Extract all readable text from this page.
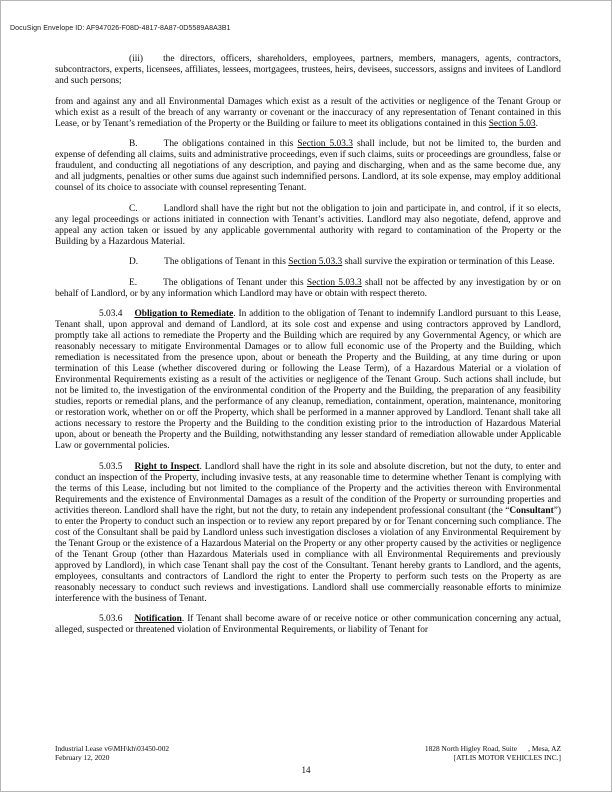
DocuSign Envelope ID: AF947026-F08D-4817-8A87-0D5589A8A3B1

(iii) the directors, officers, shareholders, employees, partners, members, managers, agents, contractors, subcontractors, experts, licensees, affiliates, lessees, mortgagees, trustees, heirs, devisees, successors, assigns and invitees of Landlord and such persons;

from and against any and all Environmental Damages which exist as a result of the activities or negligence of the Tenant Group or which exist as a result of the breach of any warranty or covenant or the inaccuracy of any representation of Tenant contained in this Lease, or by Tenant’s remediation of the Property or the Building or failure to meet its obligations contained in this Section 5.03.

B.	The obligations contained in this Section 5.03.3 shall include, but not be limited to, the burden and expense of defending all claims, suits and administrative proceedings, even if such claims, suits or proceedings are groundless, false or fraudulent, and conducting all negotiations of any description, and paying and discharging, when and as the same become due, any and all judgments, penalties or other sums due against such indemnified persons. Landlord, at its sole expense, may employ additional counsel of its choice to associate with counsel representing Tenant.

C.	Landlord shall have the right but not the obligation to join and participate in, and control, if it so elects, any legal proceedings or actions initiated in connection with Tenant’s activities. Landlord may also negotiate, defend, approve and appeal any action taken or issued by any applicable governmental authority with regard to contamination of the Property or the Building by a Hazardous Material.

D.	The obligations of Tenant in this Section 5.03.3 shall survive the expiration or termination of this Lease.

E.	The obligations of Tenant under this Section 5.03.3 shall not be affected by any investigation by or on behalf of Landlord, or by any information which Landlord may have or obtain with respect thereto.

5.03.4 Obligation to Remediate. In addition to the obligation of Tenant to indemnify Landlord pursuant to this Lease, Tenant shall, upon approval and demand of Landlord, at its sole cost and expense and using contractors approved by Landlord, promptly take all actions to remediate the Property and the Building which are required by any Governmental Agency, or which are reasonably necessary to mitigate Environmental Damages or to allow full economic use of the Property and the Building, which remediation is necessitated from the presence upon, about or beneath the Property and the Building, at any time during or upon termination of this Lease (whether discovered during or following the Lease Term), of a Hazardous Material or a violation of Environmental Requirements existing as a result of the activities or negligence of the Tenant Group. Such actions shall include, but not be limited to, the investigation of the environmental condition of the Property and the Building, the preparation of any feasibility studies, reports or remedial plans, and the performance of any cleanup, remediation, containment, operation, maintenance, monitoring or restoration work, whether on or off the Property, which shall be performed in a manner approved by Landlord. Tenant shall take all actions necessary to restore the Property and the Building to the condition existing prior to the introduction of Hazardous Material upon, about or beneath the Property and the Building, notwithstanding any lesser standard of remediation allowable under Applicable Law or governmental policies.

5.03.5 Right to Inspect. Landlord shall have the right in its sole and absolute discretion, but not the duty, to enter and conduct an inspection of the Property, including invasive tests, at any reasonable time to determine whether Tenant is complying with the terms of this Lease, including but not limited to the compliance of the Property and the activities thereon with Environmental Requirements and the existence of Environmental Damages as a result of the condition of the Property or surrounding properties and activities thereon. Landlord shall have the right, but not the duty, to retain any independent professional consultant (the “Consultant”) to enter the Property to conduct such an inspection or to review any report prepared by or for Tenant concerning such compliance. The cost of the Consultant shall be paid by Landlord unless such investigation discloses a violation of any Environmental Requirement by the Tenant Group or the existence of a Hazardous Material on the Property or any other property caused by the activities or negligence of the Tenant Group (other than Hazardous Materials used in compliance with all Environmental Requirements and previously approved by Landlord), in which case Tenant shall pay the cost of the Consultant. Tenant hereby grants to Landlord, and the agents, employees, consultants and contractors of Landlord the right to enter the Property to perform such tests on the Property as are reasonably necessary to conduct such reviews and investigations. Landlord shall use commercially reasonable efforts to minimize interference with the business of Tenant.

5.03.6 Notification. If Tenant shall become aware of or receive notice or other communication concerning any actual, alleged, suspected or threatened violation of Environmental Requirements, or liability of Tenant for

Industrial Lease v6\MH\kh\03450-002
February 12, 2020
1828 North Higley Road, Suite      , Mesa, AZ
[ATLIS MOTOR VEHICLES INC.]
14
